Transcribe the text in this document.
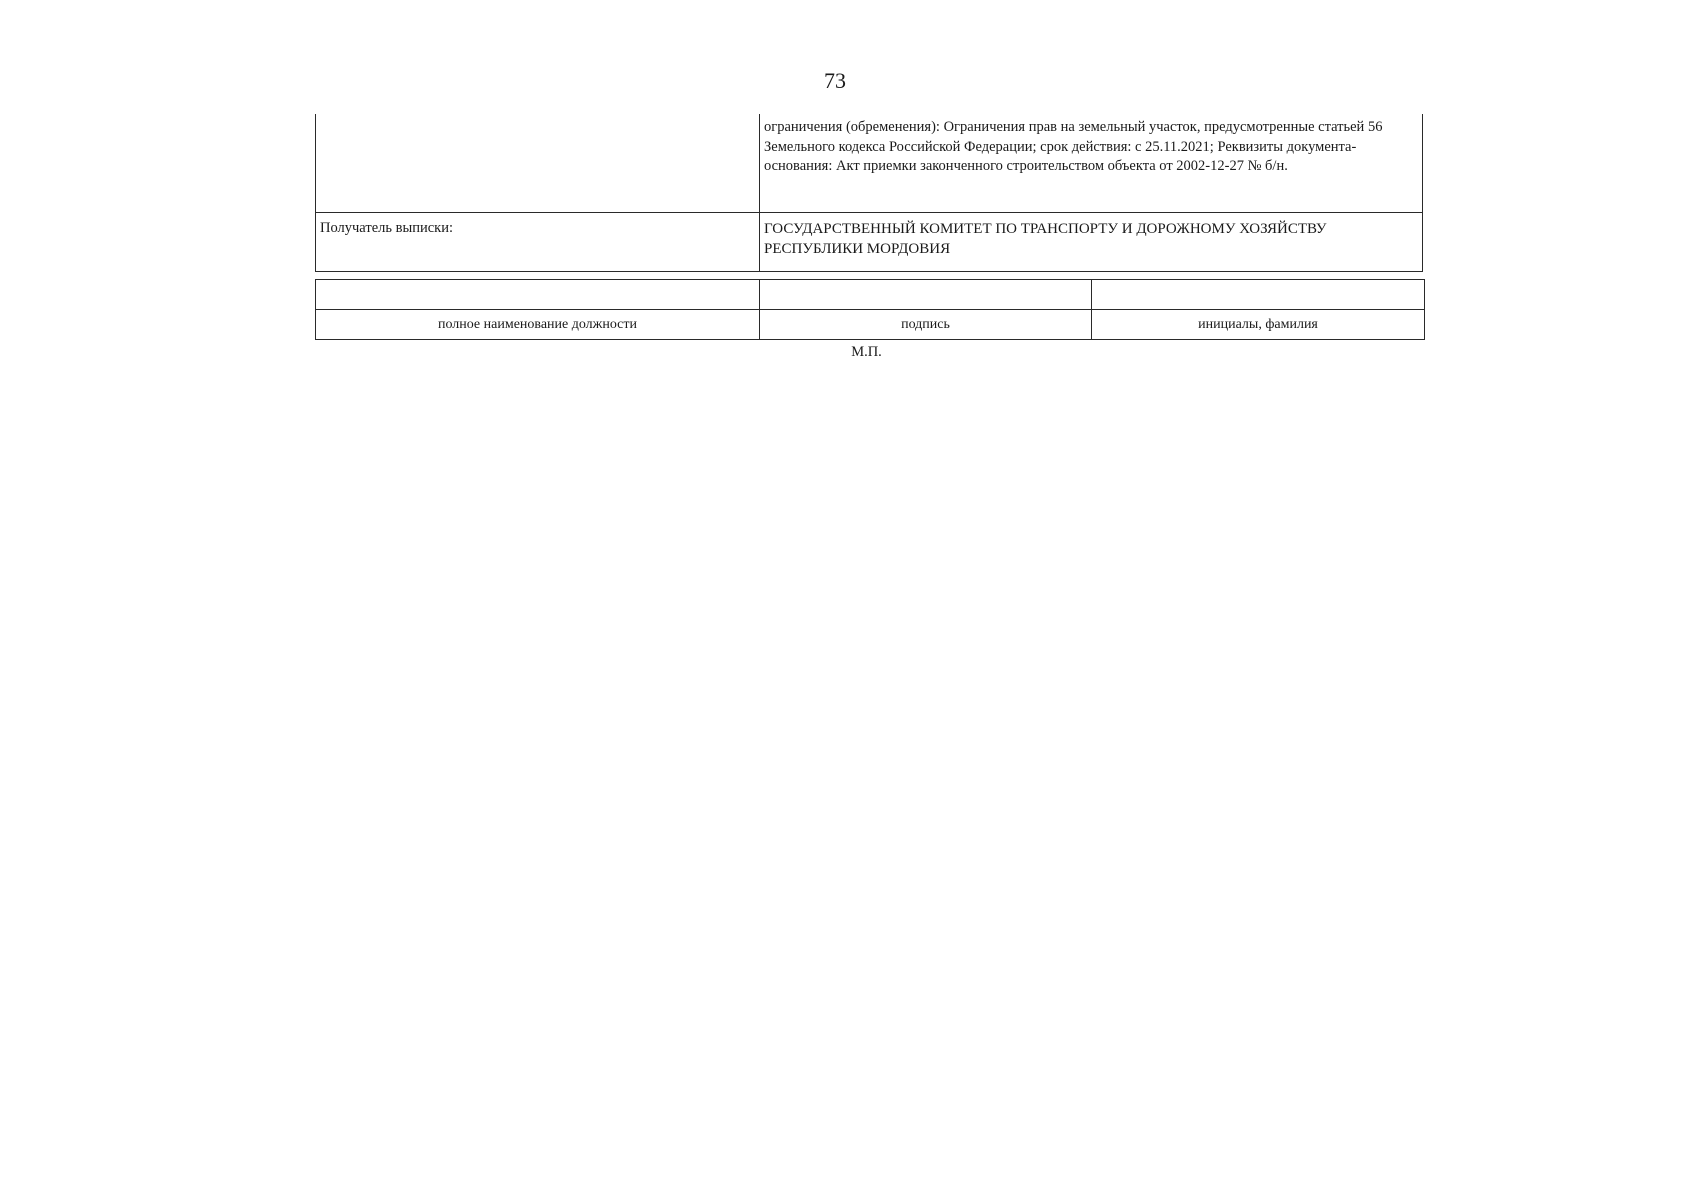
73
	ограничения (обременения): Ограничения прав на земельный участок, предусмотренные статьей 56 Земельного кодекса Российской Федерации; срок действия: с 25.11.2021; Реквизиты документа-основания: Акт приемки законченного строительством объекта от 2002-12-27 № б/н.
Получатель выписки:	ГОСУДАРСТВЕННЫЙ КОМИТЕТ ПО ТРАНСПОРТУ И ДОРОЖНОМУ ХОЗЯЙСТВУ РЕСПУБЛИКИ МОРДОВИЯ

полное наименование должности	подпись	инициалы, фамилия
М.П.
